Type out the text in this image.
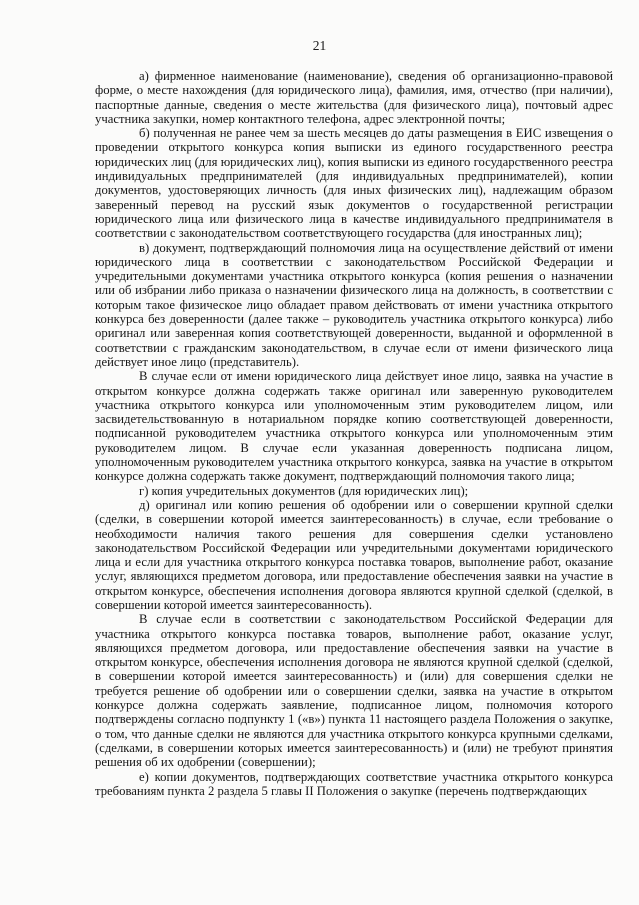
21

а) фирменное наименование (наименование), сведения об организационно-правовой форме, о месте нахождения (для юридического лица), фамилия, имя, отчество (при наличии), паспортные данные, сведения о месте жительства (для физического лица), почтовый адрес участника закупки, номер контактного телефона, адрес электронной почты;

б) полученная не ранее чем за шесть месяцев до даты размещения в ЕИС извещения о проведении открытого конкурса копия выписки из единого государственного реестра юридических лиц (для юридических лиц), копия выписки из единого государственного реестра индивидуальных предпринимателей (для индивидуальных предпринимателей), копии документов, удостоверяющих личность (для иных физических лиц), надлежащим образом заверенный перевод на русский язык документов о государственной регистрации юридического лица или физического лица в качестве индивидуального предпринимателя в соответствии с законодательством соответствующего государства (для иностранных лиц);

в) документ, подтверждающий полномочия лица на осуществление действий от имени юридического лица в соответствии с законодательством Российской Федерации и учредительными документами участника открытого конкурса (копия решения о назначении или об избрании либо приказа о назначении физического лица на должность, в соответствии с которым такое физическое лицо обладает правом действовать от имени участника открытого конкурса без доверенности (далее также – руководитель участника открытого конкурса) либо оригинал или заверенная копия соответствующей доверенности, выданной и оформленной в соответствии с гражданским законодательством, в случае если от имени физического лица действует иное лицо (представитель).

В случае если от имени юридического лица действует иное лицо, заявка на участие в открытом конкурсе должна содержать также оригинал или заверенную руководителем участника открытого конкурса или уполномоченным этим руководителем лицом, или засвидетельствованную в нотариальном порядке копию соответствующей доверенности, подписанной руководителем участника открытого конкурса или уполномоченным этим руководителем лицом. В случае если указанная доверенность подписана лицом, уполномоченным руководителем участника открытого конкурса, заявка на участие в открытом конкурсе должна содержать также документ, подтверждающий полномочия такого лица;

г) копия учредительных документов (для юридических лиц);

д) оригинал или копию решения об одобрении или о совершении крупной сделки (сделки, в совершении которой имеется заинтересованность) в случае, если требование о необходимости наличия такого решения для совершения сделки установлено законодательством Российской Федерации или учредительными документами юридического лица и если для участника открытого конкурса поставка товаров, выполнение работ, оказание услуг, являющихся предметом договора, или предоставление обеспечения заявки на участие в открытом конкурсе, обеспечения исполнения договора являются крупной сделкой (сделкой, в совершении которой имеется заинтересованность).

В случае если в соответствии с законодательством Российской Федерации для участника открытого конкурса поставка товаров, выполнение работ, оказание услуг, являющихся предметом договора, или предоставление обеспечения заявки на участие в открытом конкурсе, обеспечения исполнения договора не являются крупной сделкой (сделкой, в совершении которой имеется заинтересованность) и (или) для совершения сделки не требуется решение об одобрении или о совершении сделки, заявка на участие в открытом конкурсе должна содержать заявление, подписанное лицом, полномочия которого подтверждены согласно подпункту 1 («в») пункта 11 настоящего раздела Положения о закупке, о том, что данные сделки не являются для участника открытого конкурса крупными сделками, (сделками, в совершении которых имеется заинтересованность) и (или) не требуют принятия решения об их одобрении (совершении);

е) копии документов, подтверждающих соответствие участника открытого конкурса требованиям пункта 2 раздела 5 главы II Положения о закупке (перечень подтверждающих
